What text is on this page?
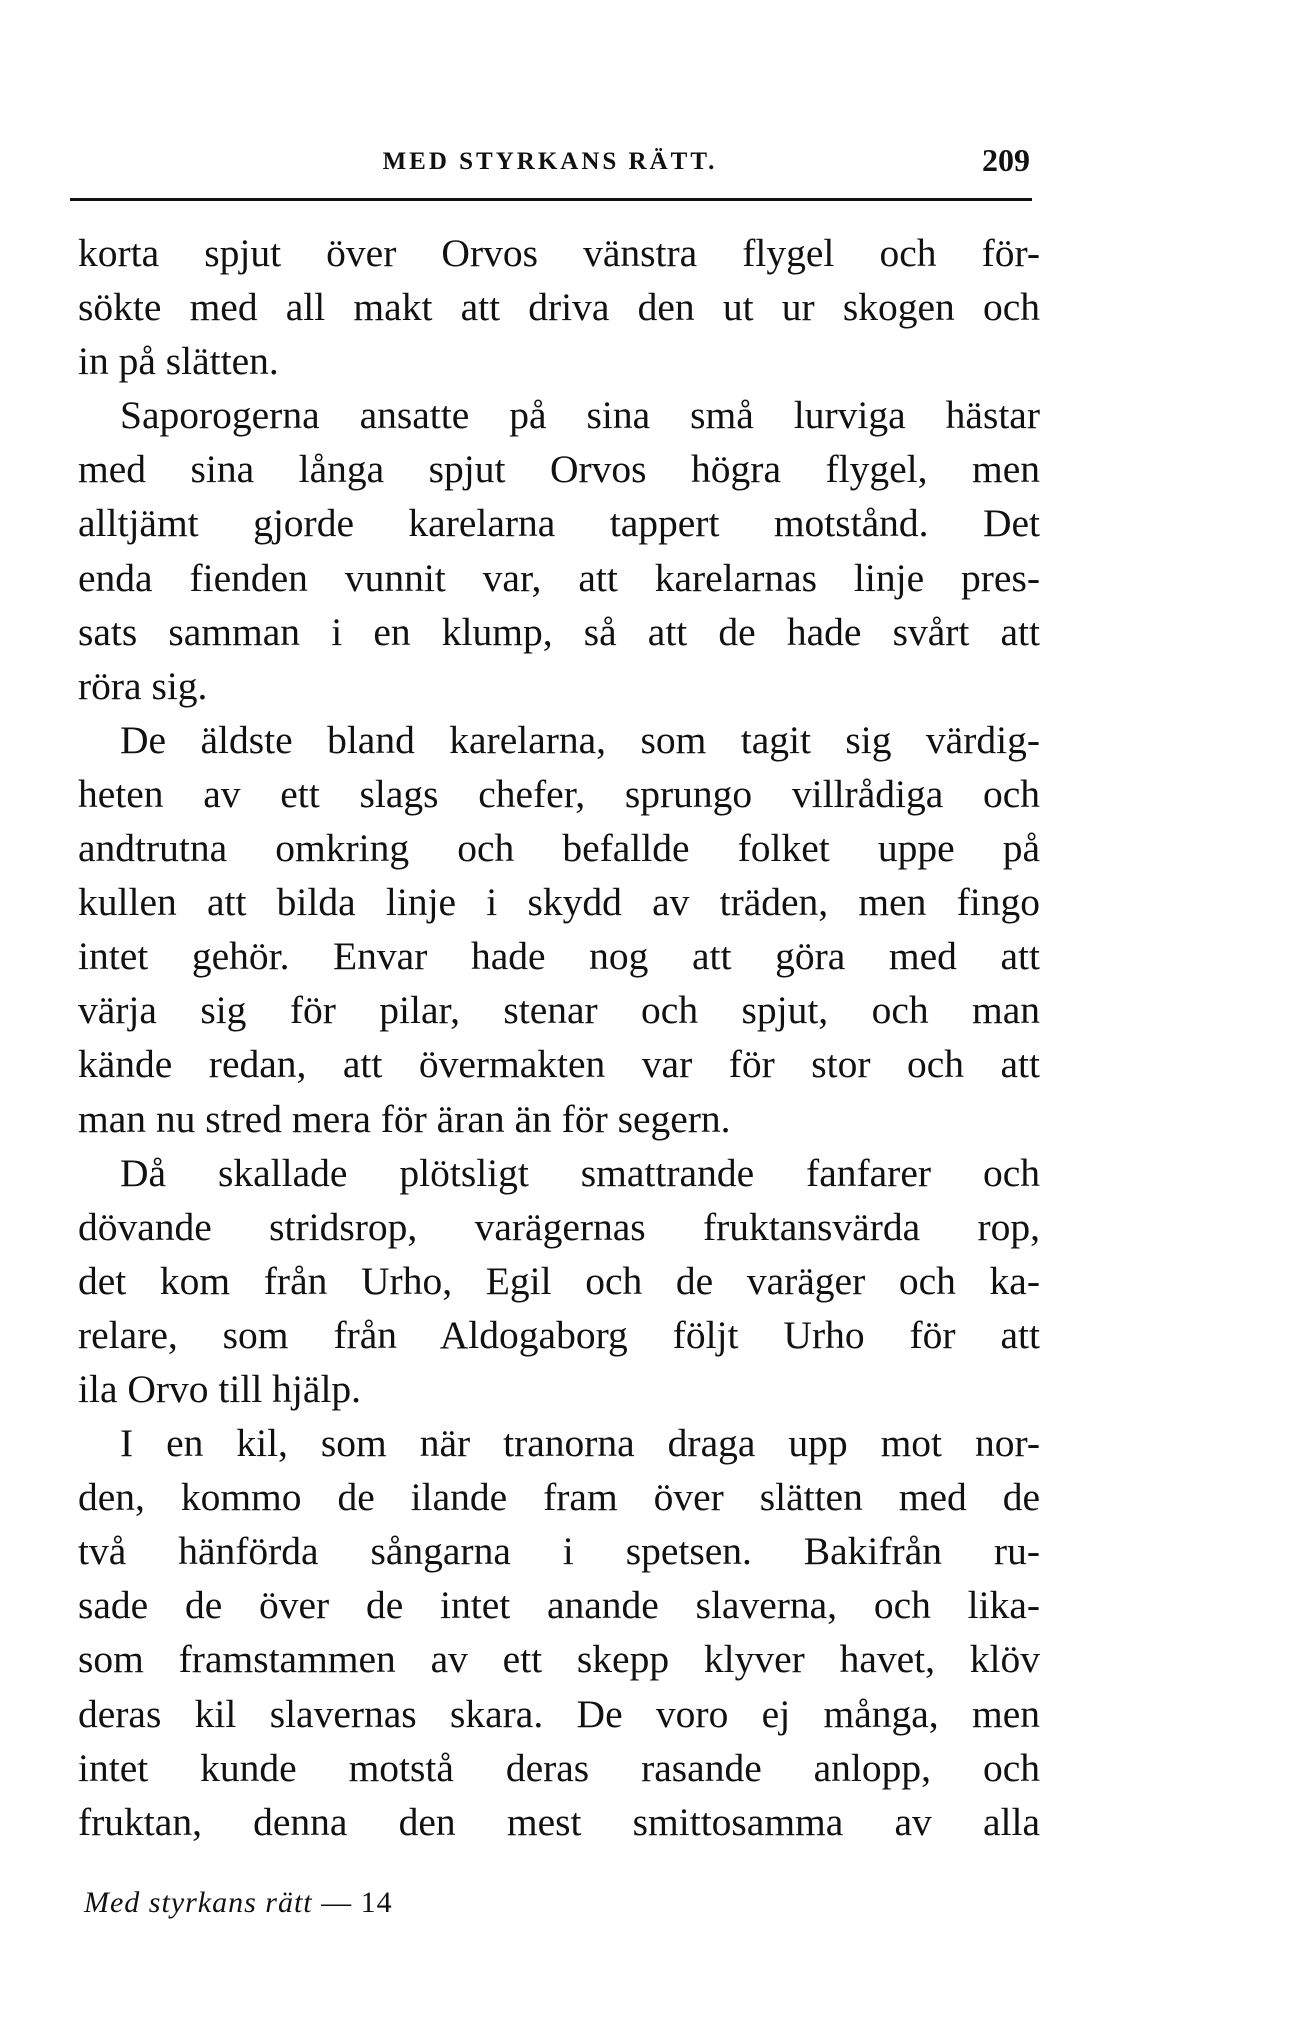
MED STYRKANS RÄTT.	209
korta spjut över Orvos vänstra flygel och för-
sökte med all makt att driva den ut ur skogen och
in på slätten.
Saporogerna ansatte på sina små lurviga hästar
med sina långa spjut Orvos högra flygel, men
alltjämt gjorde karelarna tappert motstånd. Det
enda fienden vunnit var, att karelarnas linje pres-
sats samman i en klump, så att de hade svårt att
röra sig.
De äldste bland karelarna, som tagit sig värdig-
heten av ett slags chefer, sprungo villrådiga och
andtrutna omkring och befallde folket uppe på
kullen att bilda linje i skydd av träden, men fingo
intet gehör. Envar hade nog att göra med att
värja sig för pilar, stenar och spjut, och man
kände redan, att övermakten var för stor och att
man nu stred mera för äran än för segern.
Då skallade plötsligt smattrande fanfarer och
dövande stridsrop, varägernas fruktansvärda rop,
det kom från Urho, Egil och de varäger och ka-
relare, som från Aldogaborg följt Urho för att
ila Orvo till hjälp.
I en kil, som när tranorna draga upp mot nor-
den, kommo de ilande fram över slätten med de
två hänförda sångarna i spetsen. Bakifrån ru-
sade de över de intet anande slaverna, och lika-
som framstammen av ett skepp klyver havet, klöv
deras kil slavernas skara. De voro ej många, men
intet kunde motstå deras rasande anlopp, och
fruktan, denna den mest smittosamma av alla
Med styrkans rätt — 14
